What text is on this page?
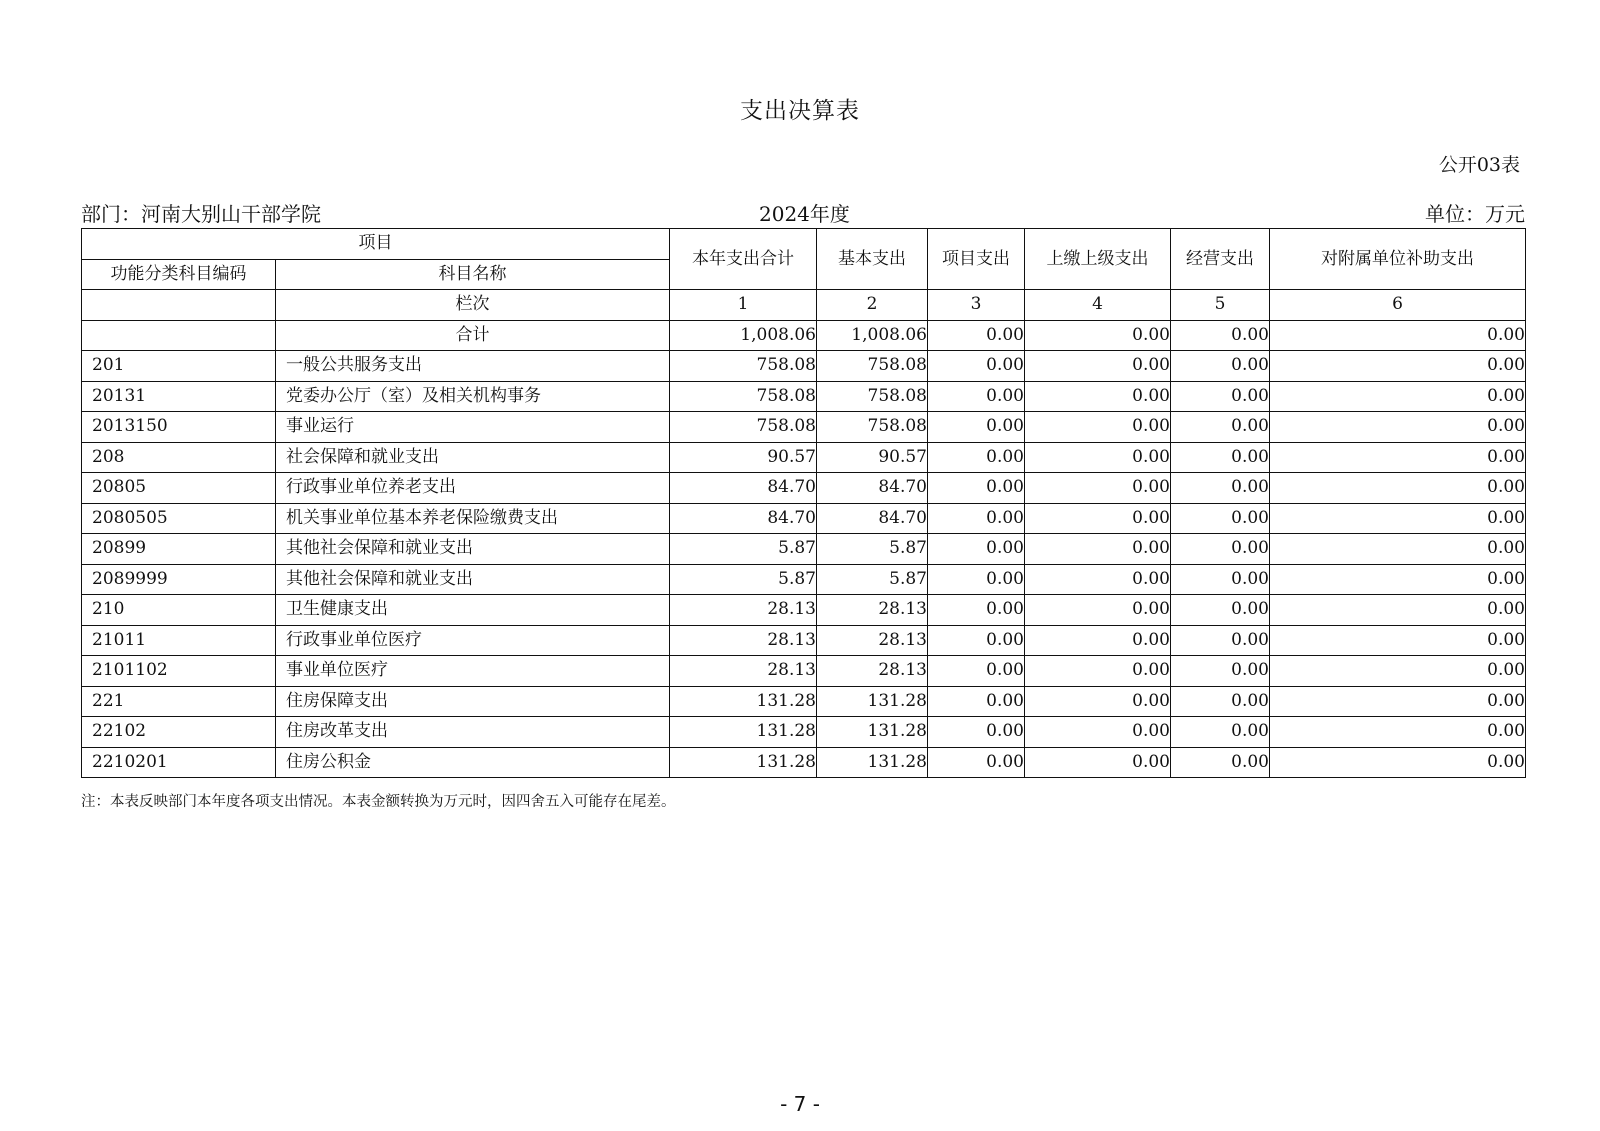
支出决算表
公开03表
部门：河南大别山干部学院	2024年度	单位：万元
项目		本年支出合计	基本支出	项目支出	上缴上级支出	经营支出	对附属单位补助支出
功能分类科目编码	科目名称						
	栏次	1	2	3	4	5	6
	合计	1,008.06	1,008.06	0.00	0.00	0.00	0.00
201	一般公共服务支出	758.08	758.08	0.00	0.00	0.00	0.00
20131	党委办公厅（室）及相关机构事务	758.08	758.08	0.00	0.00	0.00	0.00
2013150	事业运行	758.08	758.08	0.00	0.00	0.00	0.00
208	社会保障和就业支出	90.57	90.57	0.00	0.00	0.00	0.00
20805	行政事业单位养老支出	84.70	84.70	0.00	0.00	0.00	0.00
2080505	机关事业单位基本养老保险缴费支出	84.70	84.70	0.00	0.00	0.00	0.00
20899	其他社会保障和就业支出	5.87	5.87	0.00	0.00	0.00	0.00
2089999	其他社会保障和就业支出	5.87	5.87	0.00	0.00	0.00	0.00
210	卫生健康支出	28.13	28.13	0.00	0.00	0.00	0.00
21011	行政事业单位医疗	28.13	28.13	0.00	0.00	0.00	0.00
2101102	事业单位医疗	28.13	28.13	0.00	0.00	0.00	0.00
221	住房保障支出	131.28	131.28	0.00	0.00	0.00	0.00
22102	住房改革支出	131.28	131.28	0.00	0.00	0.00	0.00
2210201	住房公积金	131.28	131.28	0.00	0.00	0.00	0.00
注：本表反映部门本年度各项支出情况。本表金额转换为万元时，因四舍五入可能存在尾差。
- 7 -
